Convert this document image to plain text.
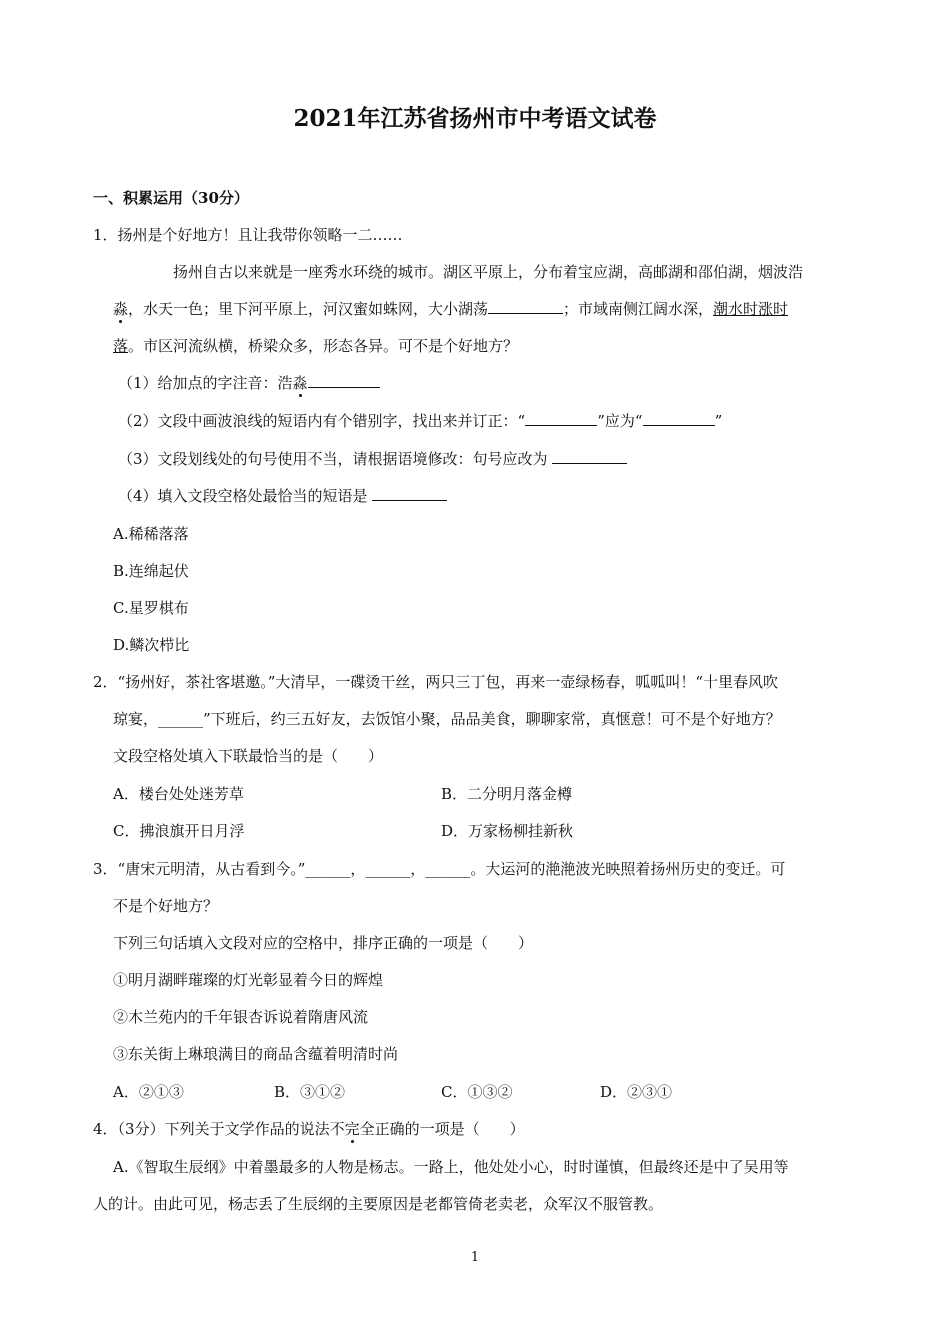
2021年江苏省扬州市中考语文试卷
一、积累运用（30分）
1．扬州是个好地方！且让我带你领略一二……
扬州自古以来就是一座秀水环绕的城市。湖区平原上，分布着宝应湖，高邮湖和邵伯湖，烟波浩
淼，水天一色；里下河平原上，河汉蜜如蛛网，大小湖荡	；市域南侧江阔水深，潮水时涨时
落。市区河流纵横，桥梁众多，形态各异。可不是个好地方？
（1）给加点的字注音：浩淼
（2）文段中画波浪线的短语内有个错别字，找出来并订正：“	”应为“	”
（3）文段划线处的句号使用不当，请根据语境修改：句号应改为
（4）填入文段空格处最恰当的短语是
A.稀稀落落
B.连绵起伏
C.星罗棋布
D.鳞次栉比
2．“扬州好，茶社客堪邀。”大清早，一碟烫干丝，两只三丁包，再来一壶绿杨春，呱呱叫！“十里春风吹
琼宴，______”下班后，约三五好友，去饭馆小聚，品品美食，聊聊家常，真惬意！可不是个好地方？
文段空格处填入下联最恰当的是（　　）
A．楼台处处迷芳草	B．二分明月落金樽
C．拂浪旗开日月浮	D．万家杨柳挂新秋
3．“唐宋元明清，从古看到今。”______，______，______。大运河的滟滟波光映照着扬州历史的变迁。可
不是个好地方？
下列三句话填入文段对应的空格中，排序正确的一项是（　　）
①明月湖畔璀璨的灯光彰显着今日的辉煌
②木兰苑内的千年银杏诉说着隋唐风流
③东关街上琳琅满目的商品含蕴着明清时尚
A．②①③	B．③①②	C．①③②	D．②③①
4．（3分）下列关于文学作品的说法不完全正确的一项是（　　）
A.《智取生辰纲》中着墨最多的人物是杨志。一路上，他处处小心，时时谨慎，但最终还是中了吴用等
人的计。由此可见，杨志丢了生辰纲的主要原因是老都管倚老卖老，众军汉不服管教。
1
